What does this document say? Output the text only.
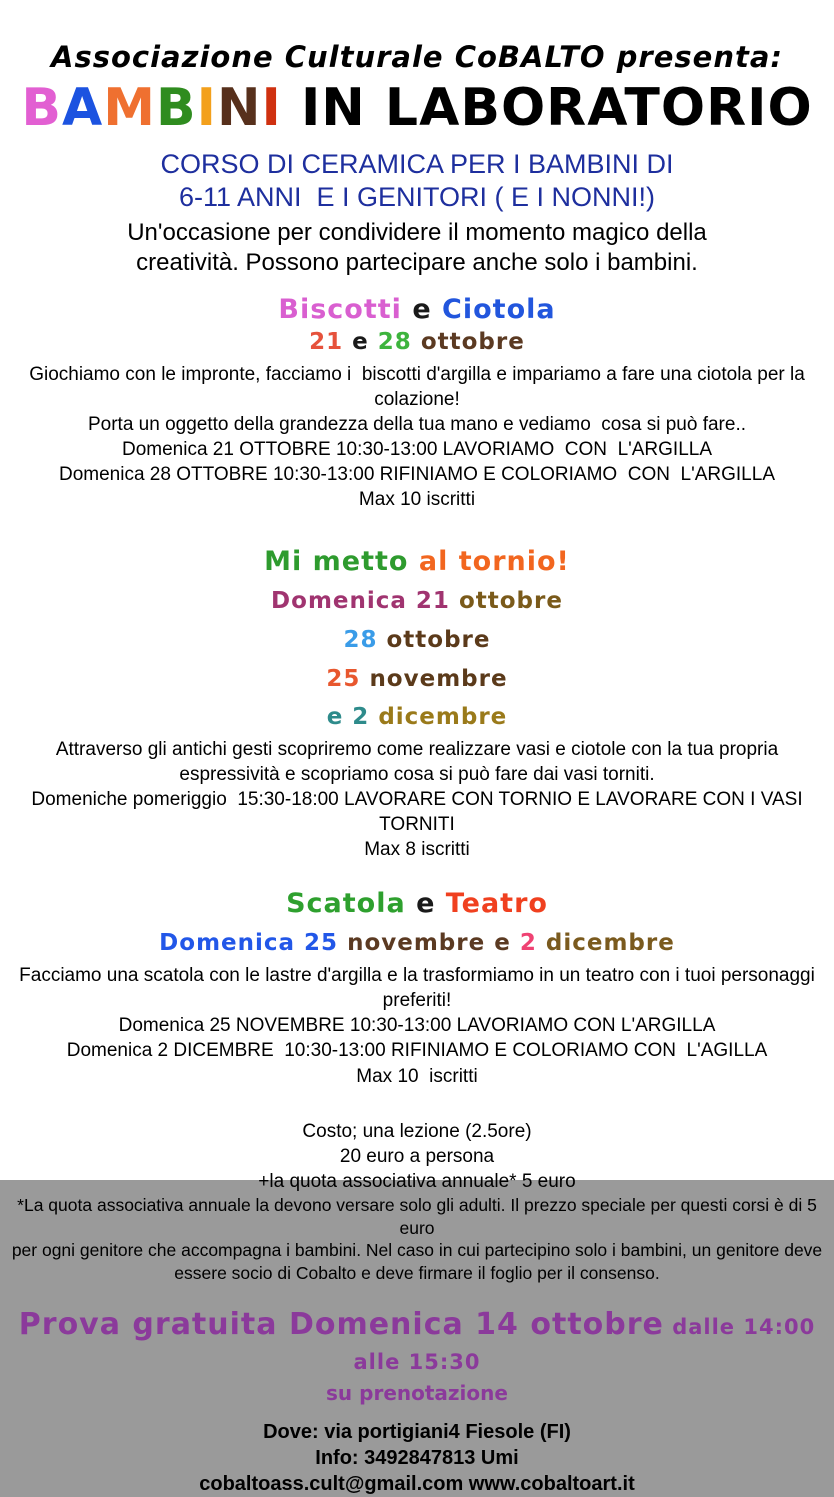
Associazione Culturale CoBALTO presenta:
BAMBINI IN LABORATORIO
CORSO DI CERAMICA PER I BAMBINI DI
6-11 ANNI  E I GENITORI ( E I NONNI!)
Un'occasione per condividere il momento magico della
creatività. Possono partecipare anche solo i bambini.
Biscotti e Ciotola
21 e 28 ottobre
Giochiamo con le impronte, facciamo i  biscotti d'argilla e impariamo a fare una ciotola per la
colazione!
Porta un oggetto della grandezza della tua mano e vediamo  cosa si può fare..
Domenica 21 OTTOBRE 10:30-13:00 LAVORIAMO  CON  L'ARGILLA
Domenica 28 OTTOBRE 10:30-13:00 RIFINIAMO E COLORIAMO  CON  L'ARGILLA
Max 10 iscritti
Mi metto al tornio!
Domenica 21 ottobre
28 ottobre
25 novembre
e 2 dicembre
Attraverso gli antichi gesti scopriremo come realizzare vasi e ciotole con la tua propria
espressività e scopriamo cosa si può fare dai vasi torniti.
Domeniche pomeriggio  15:30-18:00 LAVORARE CON TORNIO E LAVORARE CON I VASI
TORNITI
Max 8 iscritti
Scatola e Teatro
Domenica 25 novembre e 2 dicembre
Facciamo una scatola con le lastre d'argilla e la trasformiamo in un teatro con i tuoi personaggi
preferiti!
Domenica 25 NOVEMBRE 10:30-13:00 LAVORIAMO CON L'ARGILLA
Domenica 2 DICEMBRE  10:30-13:00 RIFINIAMO E COLORIAMO CON  L'AGILLA
Max 10  iscritti
Costo; una lezione (2.5ore)
20 euro a persona
+la quota associativa annuale* 5 euro
*La quota associativa annuale la devono versare solo gli adulti. Il prezzo speciale per questi corsi è di 5 euro
per ogni genitore che accompagna i bambini. Nel caso in cui partecipino solo i bambini, un genitore deve
essere socio di Cobalto e deve firmare il foglio per il consenso.
Prova gratuita Domenica 14 ottobre dalle 14:00 alle 15:30
su prenotazione
Dove: via portigiani4 Fiesole (FI)
Info: 3492847813 Umi
cobaltoass.cult@gmail.com www.cobaltoart.it
